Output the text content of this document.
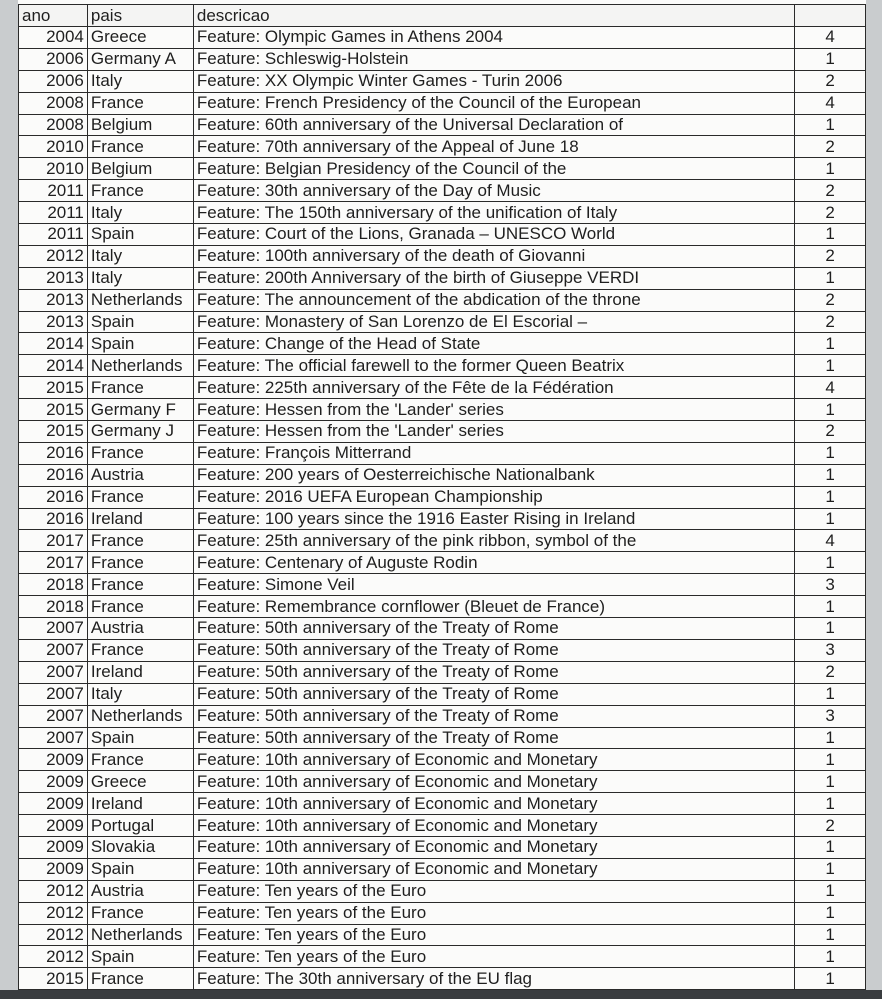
ano	pais	descricao	
2004	Greece	Feature: Olympic Games in Athens 2004	4
2006	Germany A	Feature: Schleswig-Holstein	1
2006	Italy	Feature: XX Olympic Winter Games - Turin 2006	2
2008	France	Feature: French Presidency of the Council of the European	4
2008	Belgium	Feature: 60th anniversary of the Universal Declaration of	1
2010	France	Feature: 70th anniversary of the Appeal of June 18	2
2010	Belgium	Feature: Belgian Presidency of the Council of the	1
2011	France	Feature: 30th anniversary of the Day of Music	2
2011	Italy	Feature: The 150th anniversary of the unification of Italy	2
2011	Spain	Feature: Court of the Lions, Granada – UNESCO World	1
2012	Italy	Feature: 100th anniversary of the death of Giovanni	2
2013	Italy	Feature: 200th Anniversary of the birth of Giuseppe VERDI	1
2013	Netherlands	Feature: The announcement of the abdication of the throne	2
2013	Spain	Feature: Monastery of San Lorenzo de El Escorial –	2
2014	Spain	Feature: Change of the Head of State	1
2014	Netherlands	Feature: The official farewell to the former Queen Beatrix	1
2015	France	Feature: 225th anniversary of the Fête de la Fédération	4
2015	Germany F	Feature: Hessen from the 'Lander' series	1
2015	Germany J	Feature: Hessen from the 'Lander' series	2
2016	France	Feature: François Mitterrand	1
2016	Austria	Feature: 200 years of Oesterreichische Nationalbank	1
2016	France	Feature: 2016 UEFA European Championship	1
2016	Ireland	Feature: 100 years since the 1916 Easter Rising in Ireland	1
2017	France	Feature: 25th anniversary of the pink ribbon, symbol of the	4
2017	France	Feature: Centenary of Auguste Rodin	1
2018	France	Feature: Simone Veil	3
2018	France	Feature: Remembrance cornflower (Bleuet de France)	1
2007	Austria	Feature: 50th anniversary of the Treaty of Rome	1
2007	France	Feature: 50th anniversary of the Treaty of Rome	3
2007	Ireland	Feature: 50th anniversary of the Treaty of Rome	2
2007	Italy	Feature: 50th anniversary of the Treaty of Rome	1
2007	Netherlands	Feature: 50th anniversary of the Treaty of Rome	3
2007	Spain	Feature: 50th anniversary of the Treaty of Rome	1
2009	France	Feature: 10th anniversary of Economic and Monetary	1
2009	Greece	Feature: 10th anniversary of Economic and Monetary	1
2009	Ireland	Feature: 10th anniversary of Economic and Monetary	1
2009	Portugal	Feature: 10th anniversary of Economic and Monetary	2
2009	Slovakia	Feature: 10th anniversary of Economic and Monetary	1
2009	Spain	Feature: 10th anniversary of Economic and Monetary	1
2012	Austria	Feature: Ten years of the Euro	1
2012	France	Feature: Ten years of the Euro	1
2012	Netherlands	Feature: Ten years of the Euro	1
2012	Spain	Feature: Ten years of the Euro	1
2015	France	Feature: The 30th anniversary of the EU flag	1
